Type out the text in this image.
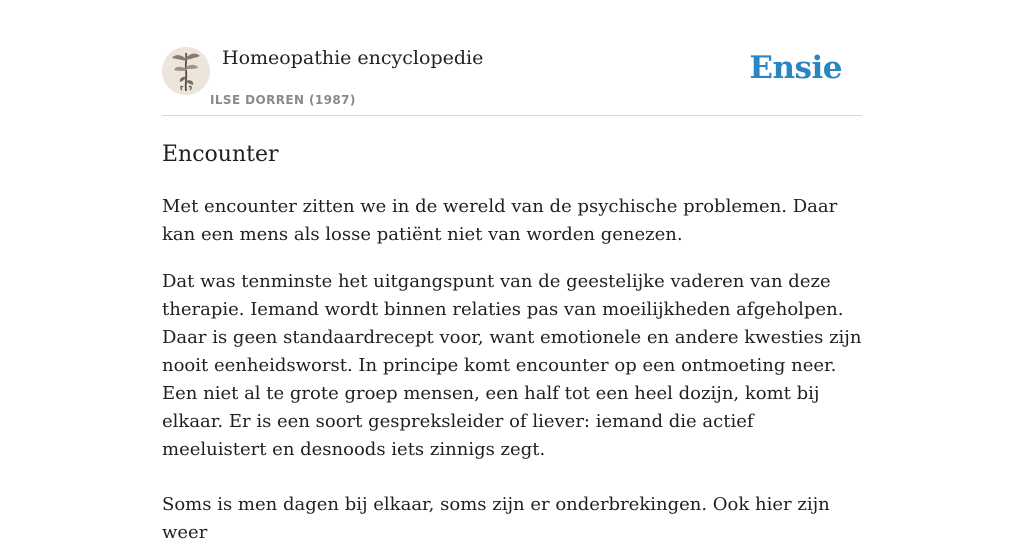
Homeopathie encyclopedie
ILSE DORREN (1987)
Ensie
Encounter

Met encounter zitten we in de wereld van de psychische problemen. Daar kan een mens als losse patiënt niet van worden genezen.

Dat was tenminste het uitgangspunt van de geestelijke vaderen van deze therapie. Iemand wordt binnen relaties pas van moeilijkheden afgeholpen. Daar is geen standaardrecept voor, want emotionele en andere kwesties zijn nooit eenheidsworst. In principe komt encounter op een ontmoeting neer. Een niet al te grote groep mensen, een half tot een heel dozijn, komt bij elkaar. Er is een soort gespreksleider of liever: iemand die actief meeluistert en desnoods iets zinnigs zegt.

Soms is men dagen bij elkaar, soms zijn er onderbrekingen. Ook hier zijn weer
